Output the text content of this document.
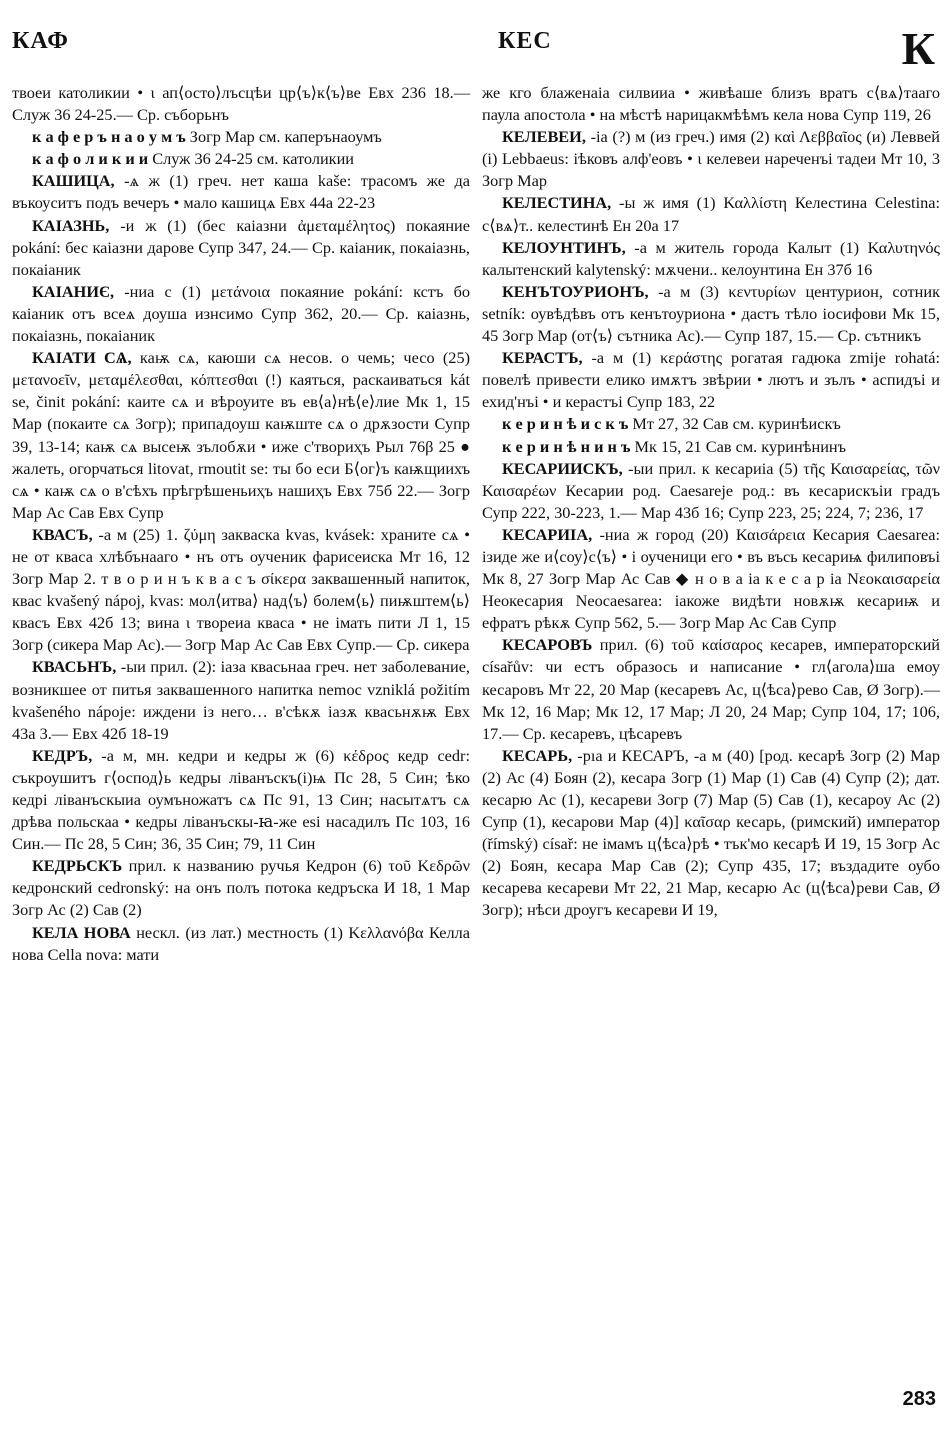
КАФ	КЕС	К

твоеи католикии • ι ап⟨осто⟩лъсцѣи цр⟨ъ⟩к⟨ъ⟩ве Евх 236 18.— Служ 36 24-25.— Ср. съборьнъ

к а ф е р ъ н а о у м ъ Зогр Мар см. каперънаоумъ

к а ф о л и к и и Служ 36 24-25 см. католикии

КАШИЦА, -ѧ ж (1) греч. нет каша kaše: трасомъ же да въкоуситъ подъ вечеръ • мало кашицѧ Евх 44а 22-23

КАІАЗНЬ, -и ж (1) (бес каіазни ἀμεταμέλητος) покаяние pokání: бес каіазни дарове Супр 347, 24.— Ср. каіаник, покаіазнь, покаіаник

КАІАНИЄ, -ниа с (1) μετάνοια покаяние pokání: кстъ бо каіаник отъ всеѧ доуша изнсимо Супр 362, 20.— Ср. каіазнь, покаіазнь, покаіаник

КАІАТИ СѦ, каѭ сѧ, каюши сѧ несов. о чемь; чесо (25) μετανοεῖν, μεταμέλεσθαι, κόπτεσθαι (!) каяться, раскаиваться kát se, činit pokání: каите сѧ и вѣроуите въ ев⟨а⟩нѣ⟨е⟩лие Мк 1, 15 Мар (покаите сѧ Зогр); припадоуш каѭште сѧ о дрѫзости Супр 39, 13-14; каѭ сѧ высеѭ зълобѫи • иже с'твориҳъ Рыл 76β 25 ● жалеть, огорчаться litovat, rmoutit se: ты бо еси Б⟨ог⟩ъ каѭщиихъ сѧ • каѭ сѧ о в'сѣхъ прѣгрѣшеньиҳъ нашиҳъ Евх 75б 22.— Зогр Мар Ас Сав Евх Супр

КВАСЪ, -а м (25) 1. ζύμη закваска kvas, kvásek: храните сѧ • не от кваса хлѣбънааго • нъ отъ оученик фарисеиска Мт 16, 12 Зогр Мар 2. т в о р и н ъ к в а с ъ σίκερα заквашенный напиток, квас kvašený nápoj, kvas: мол⟨итва⟩ над⟨ъ⟩ болем⟨ь⟩ пиѭштем⟨ь⟩ квасъ Евх 42б 13; вина ι твореиа кваса • не імать пити Л 1, 15 Зогр (сикера Мар Ас).— Зогр Мар Ас Сав Евх Супр.— Ср. сикера

КВАСЬНЪ, -ыи прил. (2): іаза квасьнаа греч. нет заболевание, возникшее от питья заквашенного напитка nemoc vzniklá požitím kvašeného nápoje: иждени із него… в'сѣкѫ іазѫ квасьнѫѭ Евх 43а 3.— Евх 42б 18-19

КЕДРЪ, -а м, мн. кедри и кедры ж (6) κέδρος кедр cedr: съкроушитъ г⟨оспод⟩ь кедры ліванъскъ(і)ѩ Пс 28, 5 Син; ѣко кедрі ліванъскыиа оумъножатъ сѧ Пс 91, 13 Син; насытѧтъ сѧ дрѣва польскаа • кедры ліванъскы-ꙗ-же еѕі насадилъ Пс 103, 16 Син.— Пс 28, 5 Син; 36, 35 Син; 79, 11 Син

КЕДРЬСКЪ прил. к названию ручья Кедрон (6) τοῦ Κεδρῶν кедронский cedronský: на онъ полъ потока кедръска И 18, 1 Мар Зогр Ас (2) Сав (2)

КЕЛА НОВА нескл. (из лат.) местность (1) Κελλανόβα Келла нова Cella nova: мати

же кго блаженаіа силвииа • живѣаше близъ вратъ с⟨вѧ⟩тааго паула апостола • на мѣстѣ нарицакмѣѣмъ кела нова Супр 119, 26

КЕЛЕВЕИ, -іа (?) м (из греч.) имя (2) καὶ Λεββαῖος (и) Леввей (і) Lebbaeus: іѣковъ алф'еовъ • ι келевеи нареченъі тадеи Мт 10, 3 Зогр Мар

КЕЛЕСТИНА, -ы ж имя (1) Καλλίστη Келестина Celestina: с⟨вѧ⟩т.. келестинѣ Ен 20а 17

КЕЛОУНТИНЪ, -а м житель города Калыт (1) Καλυτηνός калытенский kalytenský: мѫчени.. келоунтина Ен 37б 16

КЕНЪТОУРИОНЪ, -а м (3) κεντυρίων центурион, сотник setník: оувѣдѣвъ отъ кенътоуриона • дастъ тѣло іосифови Мк 15, 45 Зогр Мар (от⟨ъ⟩ сътника Ас).— Супр 187, 15.— Ср. сътникъ

КЕРАСТЪ, -а м (1) κεράστης рогатая гадюка zmije rohatá: повелѣ привести елико имѫтъ звѣрии • лютъ и зълъ • аспидъі и ехид'нъі • и керастъі Супр 183, 22

к е р и н ѣ и с к ъ Мт 27, 32 Сав см. куринѣискъ

к е р и н ѣ н и н ъ Мк 15, 21 Сав см. куринѣнинъ

КЕСАРИИСКЪ, -ыи прил. к кесариіа (5) τῆς Καισαρείας, τῶν Καισαρέων Кесарии род. Caesareje род.: въ кесарискъіи градъ Супр 222, 30-223, 1.— Мар 43б 16; Супр 223, 25; 224, 7; 236, 17

КЕСАРИІА, -ниа ж город (20) Καισάρεια Кесария Caesarea: ізиде же и⟨соу⟩с⟨ъ⟩ • і оученици его • въ въсь кесариѩ филиповъі Мк 8, 27 Зогр Мар Ас Сав ◆ н о в а іа к е с а р іа Νεοκαισαρεία Неокесария Neocaesarea: іакоже видѣти новѫѭ кесариѭ и ефратъ рѣкѫ Супр 562, 5.— Зогр Мар Ас Сав Супр

КЕСАРОВЪ прил. (6) τοῦ καίσαρος кесарев, императорский císařův: чи естъ образось и написание • гл⟨агола⟩ша емоу кесаровъ Мт 22, 20 Мар (кесаревъ Ас, ц⟨ѣса⟩рево Сав, Ø Зогр).— Мк 12, 16 Мар; Мк 12, 17 Мар; Л 20, 24 Мар; Супр 104, 17; 106, 17.— Ср. кесаревъ, цѣсаревъ

КЕСАРЬ, -рıа и КЕСАРЪ, -а м (40) [род. кесарѣ Зогр (2) Мар (2) Ас (4) Боян (2), кесара Зогр (1) Мар (1) Сав (4) Супр (2); дат. кесарю Ас (1), кесареви Зогр (7) Мар (5) Сав (1), кесароу Ас (2) Супр (1), кесарови Мар (4)] καῖσαρ кесарь, (римский) император (římský) císař: не імамъ ц⟨ѣса⟩рѣ • тък'мо кесарѣ И 19, 15 Зогр Ас (2) Боян, кесара Мар Сав (2); Супр 435, 17; въздадите оубо кесарева кесареви Мт 22, 21 Мар, кесарю Ас (ц⟨ѣса⟩реви Сав, Ø Зогр); нѣси дроугъ кесареви И 19,

283
